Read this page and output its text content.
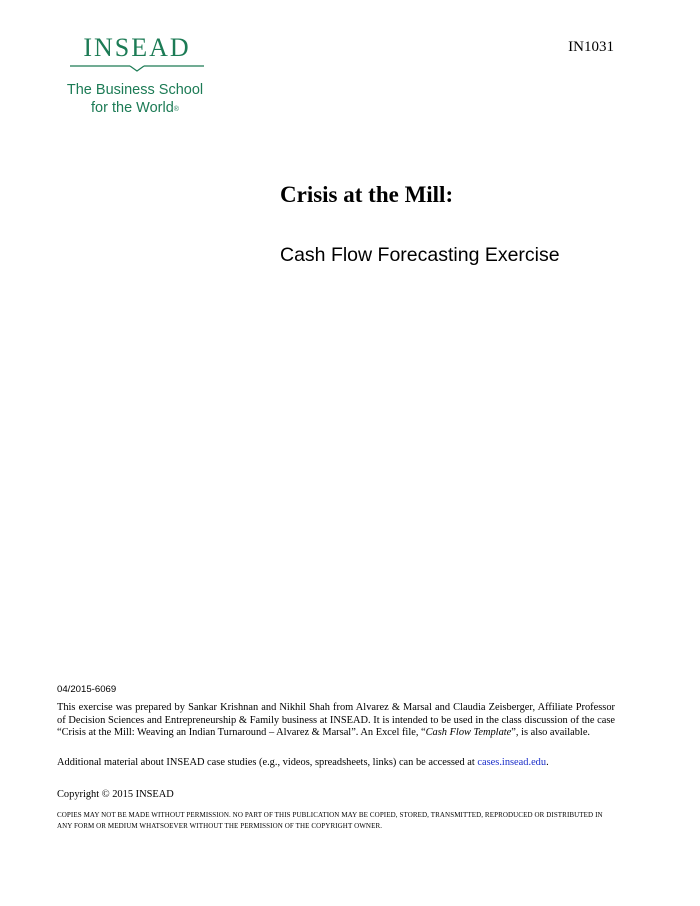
INSEAD
The Business School
for the World®
IN1031
Crisis at the Mill:
Cash Flow Forecasting Exercise
04/2015-6069
This exercise was prepared by Sankar Krishnan and Nikhil Shah from Alvarez & Marsal and Claudia Zeisberger, Affiliate Professor of Decision Sciences and Entrepreneurship & Family business at INSEAD. It is intended to be used in the class discussion of the case “Crisis at the Mill: Weaving an Indian Turnaround – Alvarez & Marsal”. An Excel file, “Cash Flow Template”, is also available.
Additional material about INSEAD case studies (e.g., videos, spreadsheets, links) can be accessed at cases.insead.edu.
Copyright © 2015 INSEAD
COPIES MAY NOT BE MADE WITHOUT PERMISSION. NO PART OF THIS PUBLICATION MAY BE COPIED, STORED, TRANSMITTED, REPRODUCED OR DISTRIBUTED IN ANY FORM OR MEDIUM WHATSOEVER WITHOUT THE PERMISSION OF THE COPYRIGHT OWNER.
